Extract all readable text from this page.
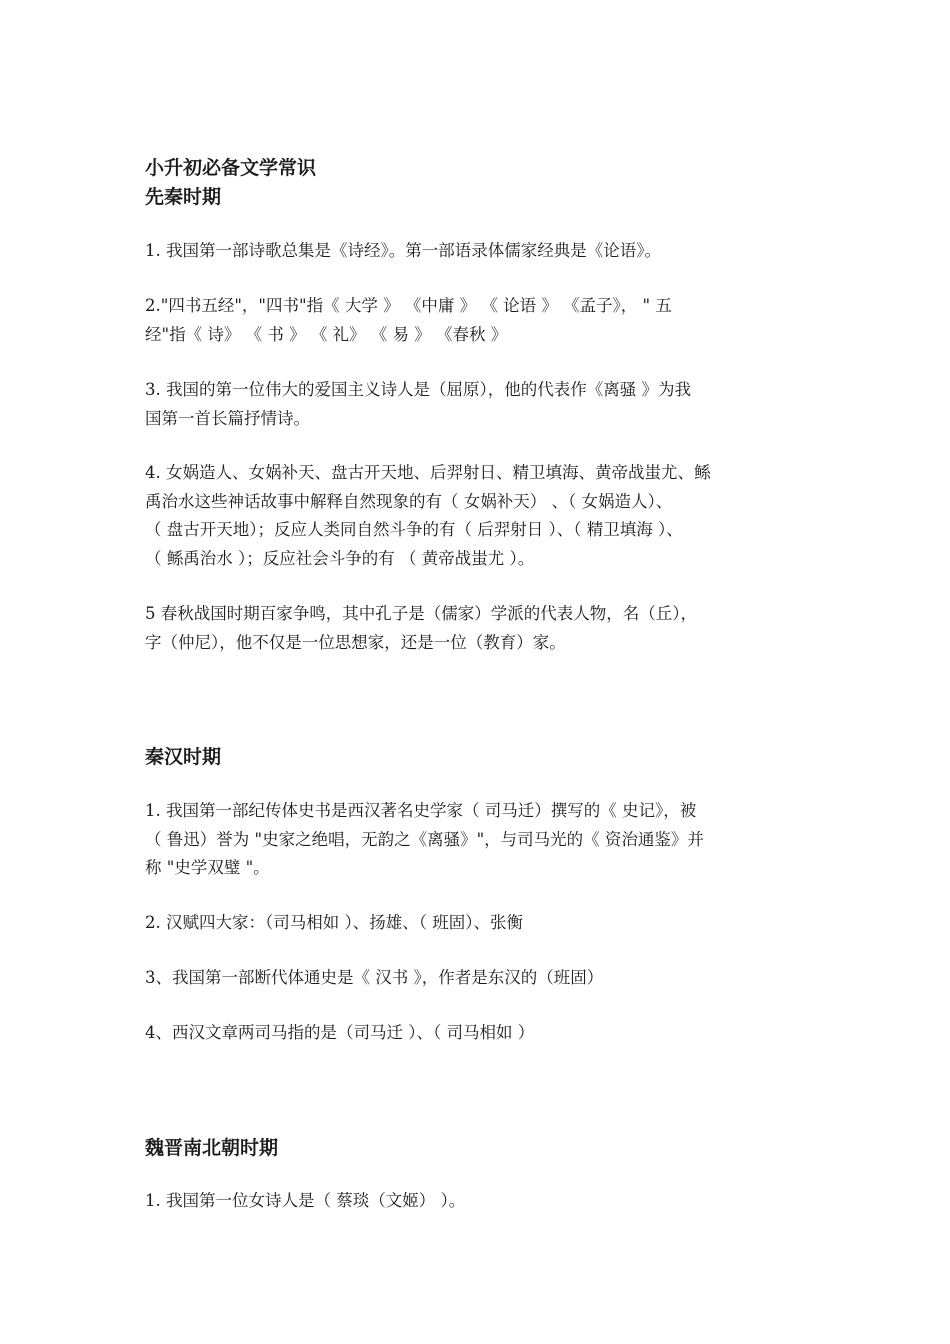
小升初必备文学常识
先秦时期

1. 我国第一部诗歌总集是《诗经》。第一部语录体儒家经典是《论语》。

2."四书五经"，"四书"指《 大学 》 《中庸 》 《 论语 》 《孟子》， " 五
经"指《 诗》 《 书 》 《 礼》 《 易 》 《春秋 》

3. 我国的第一位伟大的爱国主义诗人是（屈原），他的代表作《离骚 》为我
国第一首长篇抒情诗。

4. 女娲造人、女娲补天、盘古开天地、后羿射日、精卫填海、黄帝战蚩尤、鲧
禹治水这些神话故事中解释自然现象的有（ 女娲补天） 、（ 女娲造人）、
（ 盘古开天地）；反应人类同自然斗争的有（ 后羿射日 ）、（ 精卫填海 ）、
（ 鲧禹治水 ）；反应社会斗争的有 （ 黄帝战蚩尤 ）。

5 春秋战国时期百家争鸣，其中孔子是（儒家）学派的代表人物，名（丘），
字（仲尼），他不仅是一位思想家，还是一位（教育）家。

秦汉时期

1. 我国第一部纪传体史书是西汉著名史学家（ 司马迁）撰写的《 史记》，被
（ 鲁迅）誉为 "史家之绝唱，无韵之《离骚》"，与司马光的《 资治通鉴》并
称 "史学双璧 "。

2. 汉赋四大家：（司马相如 ）、扬雄、（ 班固）、张衡

3、我国第一部断代体通史是《 汉书 》，作者是东汉的（班固）

4、西汉文章两司马指的是（司马迁 ）、（ 司马相如 ）

魏晋南北朝时期

1. 我国第一位女诗人是（ 蔡琰（文姬） ）。
